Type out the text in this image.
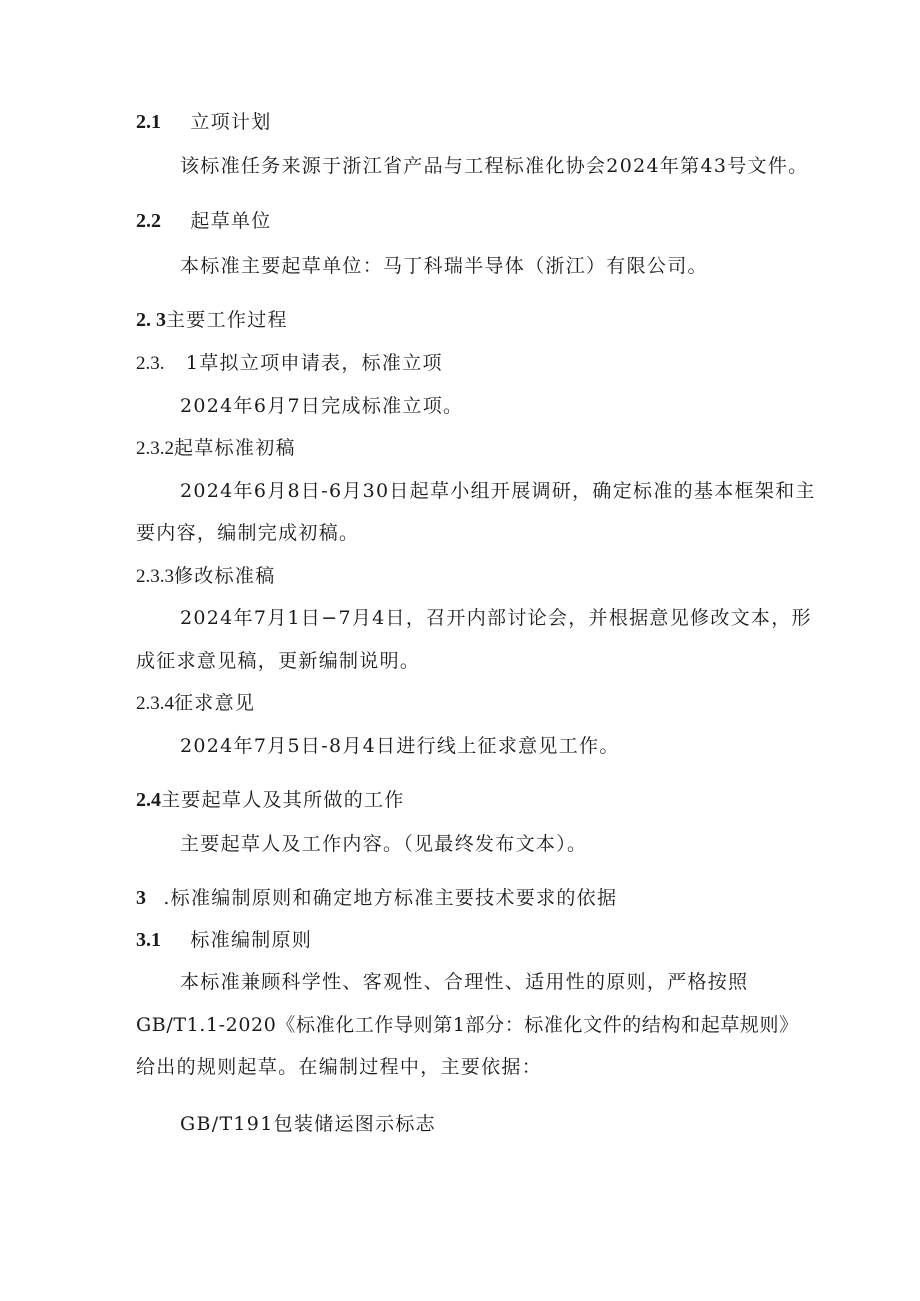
2.1 立项计划
该标准任务来源于浙江省产品与工程标准化协会2024年第43号文件。
2.2 起草单位
本标准主要起草单位：马丁科瑞半导体（浙江）有限公司。
2. 3主要工作过程
2.3. 1草拟立项申请表，标准立项
2024年6月7日完成标准立项。
2.3.2起草标准初稿
2024年6月8日-6月30日起草小组开展调研，确定标准的基本框架和主
要内容，编制完成初稿。
2.3.3修改标准稿
2024年7月1日−7月4日，召开内部讨论会，并根据意见修改文本，形
成征求意见稿，更新编制说明。
2.3.4征求意见
2024年7月5日-8月4日进行线上征求意见工作。
2.4主要起草人及其所做的工作
主要起草人及工作内容。（见最终发布文本）。
3 .标准编制原则和确定地方标准主要技术要求的依据
3.1 标准编制原则
本标准兼顾科学性、客观性、合理性、适用性的原则，严格按照
GB/T1.1-2020《标准化工作导则第1部分：标准化文件的结构和起草规则》
给出的规则起草。在编制过程中，主要依据：
GB/T191包装储运图示标志
